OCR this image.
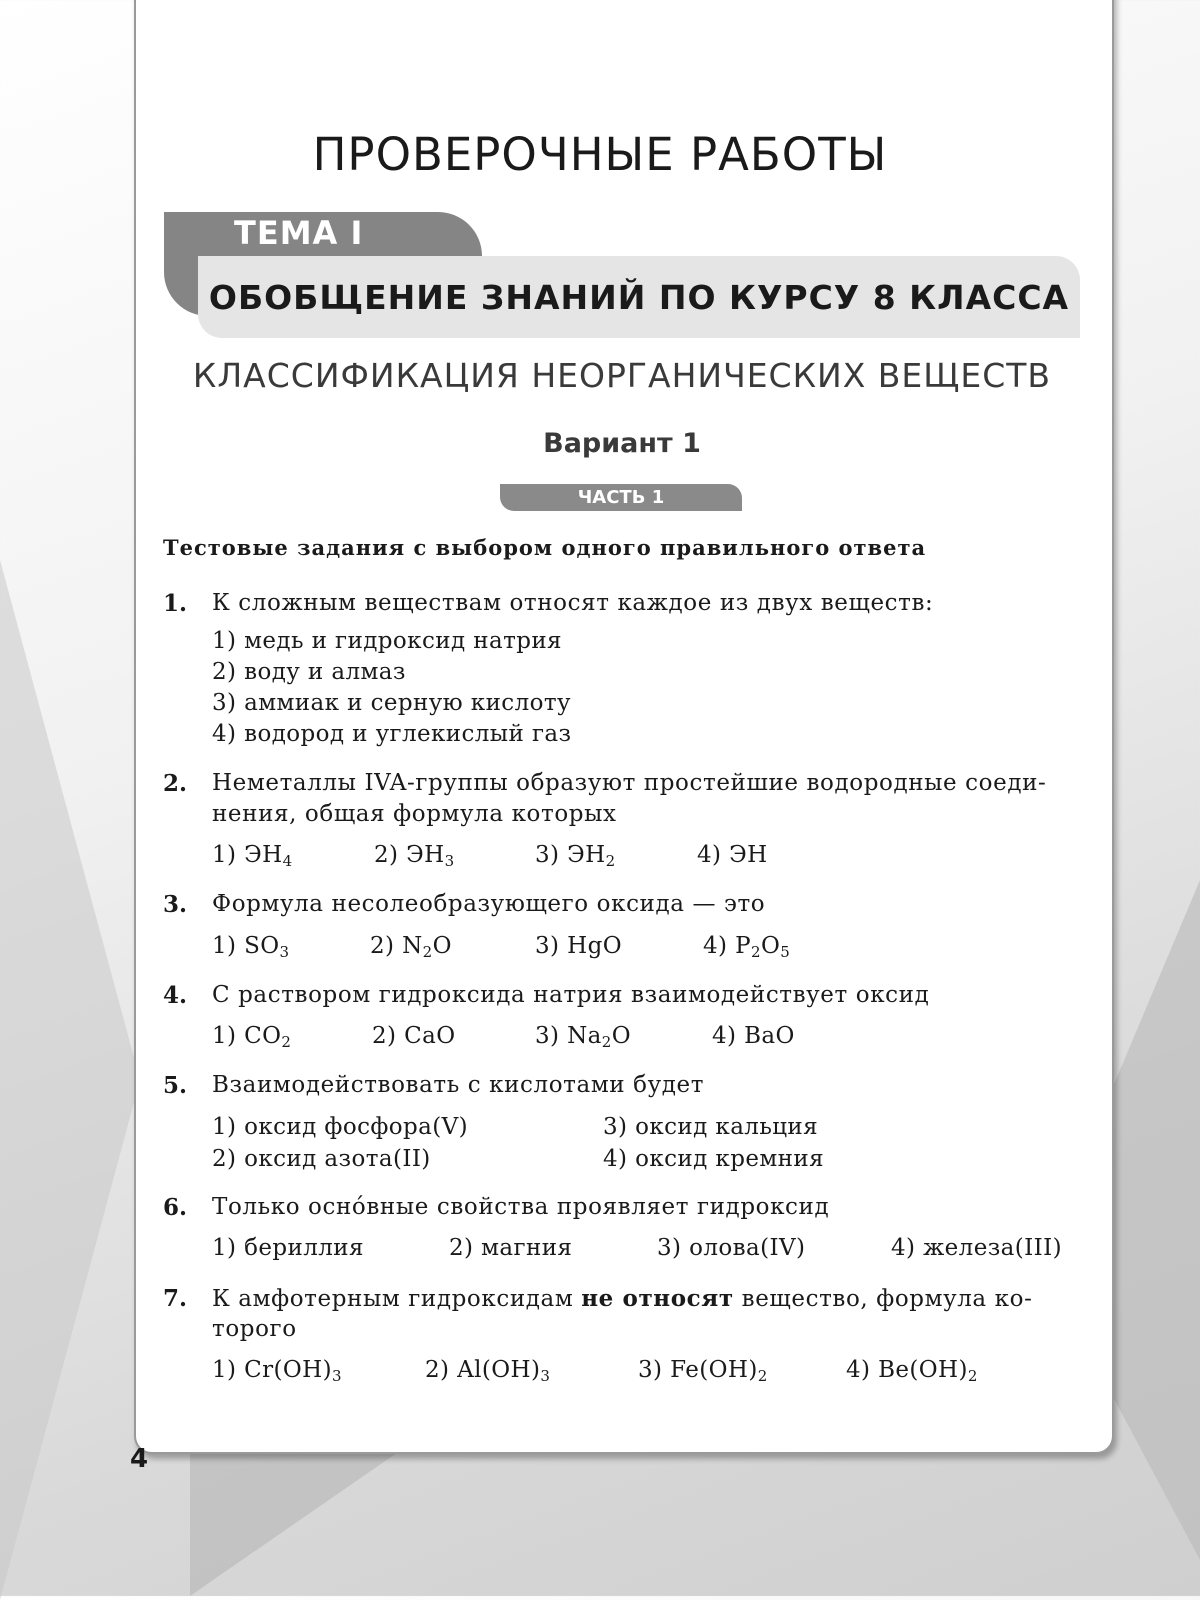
ПРОВЕРОЧНЫЕ РАБОТЫ
ТЕМА I
ОБОБЩЕНИЕ ЗНАНИЙ ПО КУРСУ 8 КЛАССА
КЛАССИФИКАЦИЯ НЕОРГАНИЧЕСКИХ ВЕЩЕСТВ
Вариант 1
ЧАСТЬ 1
Тестовые задания с выбором одного правильного ответа
1. К сложным веществам относят каждое из двух веществ:
1) медь и гидроксид натрия
2) воду и алмаз
3) аммиак и серную кислоту
4) водород и углекислый газ
2. Неметаллы IVA-группы образуют простейшие водородные соеди-
нения, общая формула которых
1) $ЭН_4$	2) $ЭН_3$	3) $ЭН_2$	4) ЭН
3. Формула несолеобразующего оксида — это
1) $SO_3$	2) $N_2O$	3) HgO	4) $P_2O_5$
4. С раствором гидроксида натрия взаимодействует оксид
1) $CO_2$	2) CaO	3) $Na_2O$	4) BaO
5. Взаимодействовать с кислотами будет
1) оксид фосфора(V)	3) оксид кальция
2) оксид азота(II)	4) оксид кремния
6. Только оснóвные свойства проявляет гидроксид
1) бериллия	2) магния	3) олова(IV)	4) железа(III)
7. К амфотерным гидроксидам не относят вещество, формула ко-
торого
1) $Cr(OH)_3$	2) $Al(OH)_3$	3) $Fe(OH)_2$	4) $Be(OH)_2$
4
